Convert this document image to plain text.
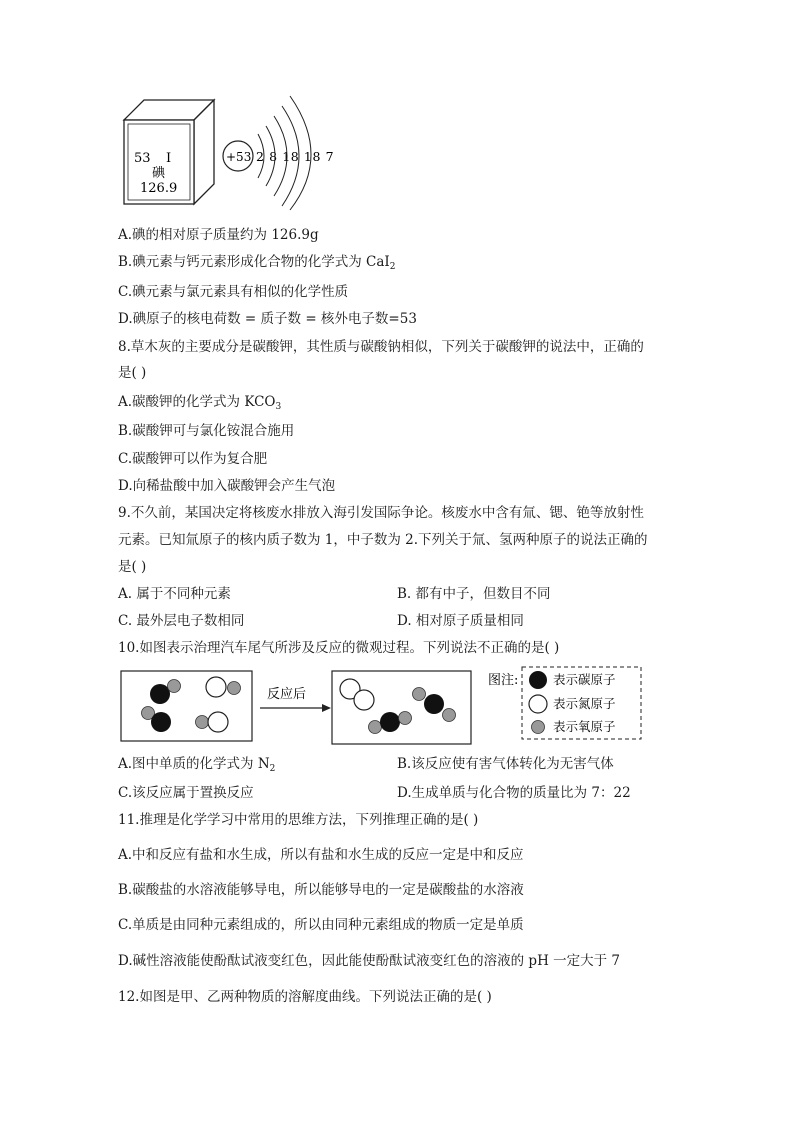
53 I
碘
126.9
+53 2 8 18 18 7
A.碘的相对原子质量约为 126.9g
B.碘元素与钙元素形成化合物的化学式为 CaI$_2$
C.碘元素与氯元素具有相似的化学性质
D.碘原子的核电荷数 = 质子数 = 核外电子数=53
8.草木灰的主要成分是碳酸钾，其性质与碳酸钠相似，下列关于碳酸钾的说法中，正确的
是( )
A.碳酸钾的化学式为 $KCO_3$
B.碳酸钾可与氯化铵混合施用
C.碳酸钾可以作为复合肥
D.向稀盐酸中加入碳酸钾会产生气泡
9.不久前，某国决定将核废水排放入海引发国际争论。核废水中含有氚、锶、铯等放射性
元素。已知氚原子的核内质子数为 1，中子数为 2.下列关于氚、氢两种原子的说法正确的
是( )
A. 属于不同种元素	B. 都有中子，但数目不同
C. 最外层电子数相同	D. 相对原子质量相同
10.如图表示治理汽车尾气所涉及反应的微观过程。下列说法不正确的是( )
反应后
图注:	表示碳原子
表示氮原子
表示氧原子
A.图中单质的化学式为 $N_2$	B.该反应使有害气体转化为无害气体
C.该反应属于置换反应	D.生成单质与化合物的质量比为 7：22
11.推理是化学学习中常用的思维方法，下列推理正确的是( )
A.中和反应有盐和水生成，所以有盐和水生成的反应一定是中和反应
B.碳酸盐的水溶液能够导电，所以能够导电的一定是碳酸盐的水溶液
C.单质是由同种元素组成的，所以由同种元素组成的物质一定是单质
D.碱性溶液能使酚酞试液变红色，因此能使酚酞试液变红色的溶液的 pH 一定大于 7
12.如图是甲、乙两种物质的溶解度曲线。下列说法正确的是( )
